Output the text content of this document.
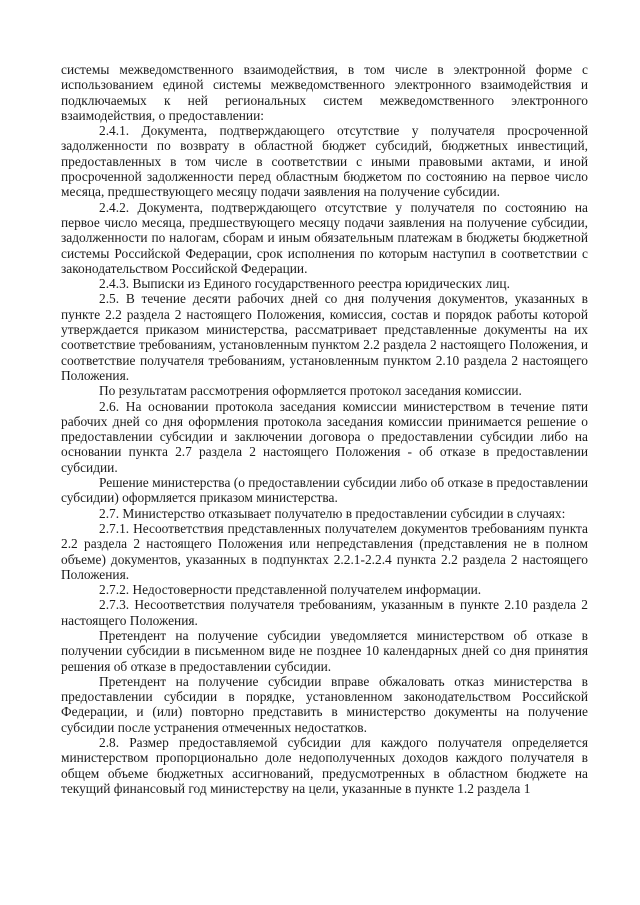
системы межведомственного взаимодействия, в том числе в электронной форме с использованием единой системы межведомственного электронного взаимодействия и подключаемых к ней региональных систем межведомственного электронного взаимодействия, о предоставлении:

2.4.1. Документа, подтверждающего отсутствие у получателя просроченной задолженности по возврату в областной бюджет субсидий, бюджетных инвестиций, предоставленных в том числе в соответствии с иными правовыми актами, и иной просроченной задолженности перед областным бюджетом по состоянию на первое число месяца, предшествующего месяцу подачи заявления на получение субсидии.

2.4.2. Документа, подтверждающего отсутствие у получателя по состоянию на первое число месяца, предшествующего месяцу подачи заявления на получение субсидии, задолженности по налогам, сборам и иным обязательным платежам в бюджеты бюджетной системы Российской Федерации, срок исполнения по которым наступил в соответствии с законодательством Российской Федерации.

2.4.3. Выписки из Единого государственного реестра юридических лиц.

2.5. В течение десяти рабочих дней со дня получения документов, указанных в пункте 2.2 раздела 2 настоящего Положения, комиссия, состав и порядок работы которой утверждается приказом министерства, рассматривает представленные документы на их соответствие требованиям, установленным пунктом 2.2 раздела 2 настоящего Положения, и соответствие получателя требованиям, установленным пунктом 2.10 раздела 2 настоящего Положения.

По результатам рассмотрения оформляется протокол заседания комиссии.

2.6. На основании протокола заседания комиссии министерством в течение пяти рабочих дней со дня оформления протокола заседания комиссии принимается решение о предоставлении субсидии и заключении договора о предоставлении субсидии либо на основании пункта 2.7 раздела 2 настоящего Положения - об отказе в предоставлении субсидии.

Решение министерства (о предоставлении субсидии либо об отказе в предоставлении субсидии) оформляется приказом министерства.

2.7. Министерство отказывает получателю в предоставлении субсидии в случаях:

2.7.1. Несоответствия представленных получателем документов требованиям пункта 2.2 раздела 2 настоящего Положения или непредставления (представления не в полном объеме) документов, указанных в подпунктах 2.2.1-2.2.4 пункта 2.2 раздела 2 настоящего Положения.

2.7.2. Недостоверности представленной получателем информации.

2.7.3. Несоответствия получателя требованиям, указанным в пункте 2.10 раздела 2 настоящего Положения.

Претендент на получение субсидии уведомляется министерством об отказе в получении субсидии в письменном виде не позднее 10 календарных дней со дня принятия решения об отказе в предоставлении субсидии.

Претендент на получение субсидии вправе обжаловать отказ министерства в предоставлении субсидии в порядке, установленном законодательством Российской Федерации, и (или) повторно представить в министерство документы на получение субсидии после устранения отмеченных недостатков.

2.8. Размер предоставляемой субсидии для каждого получателя определяется министерством пропорционально доле недополученных доходов каждого получателя в общем объеме бюджетных ассигнований, предусмотренных в областном бюджете на текущий финансовый год министерству на цели, указанные в пункте 1.2 раздела 1
